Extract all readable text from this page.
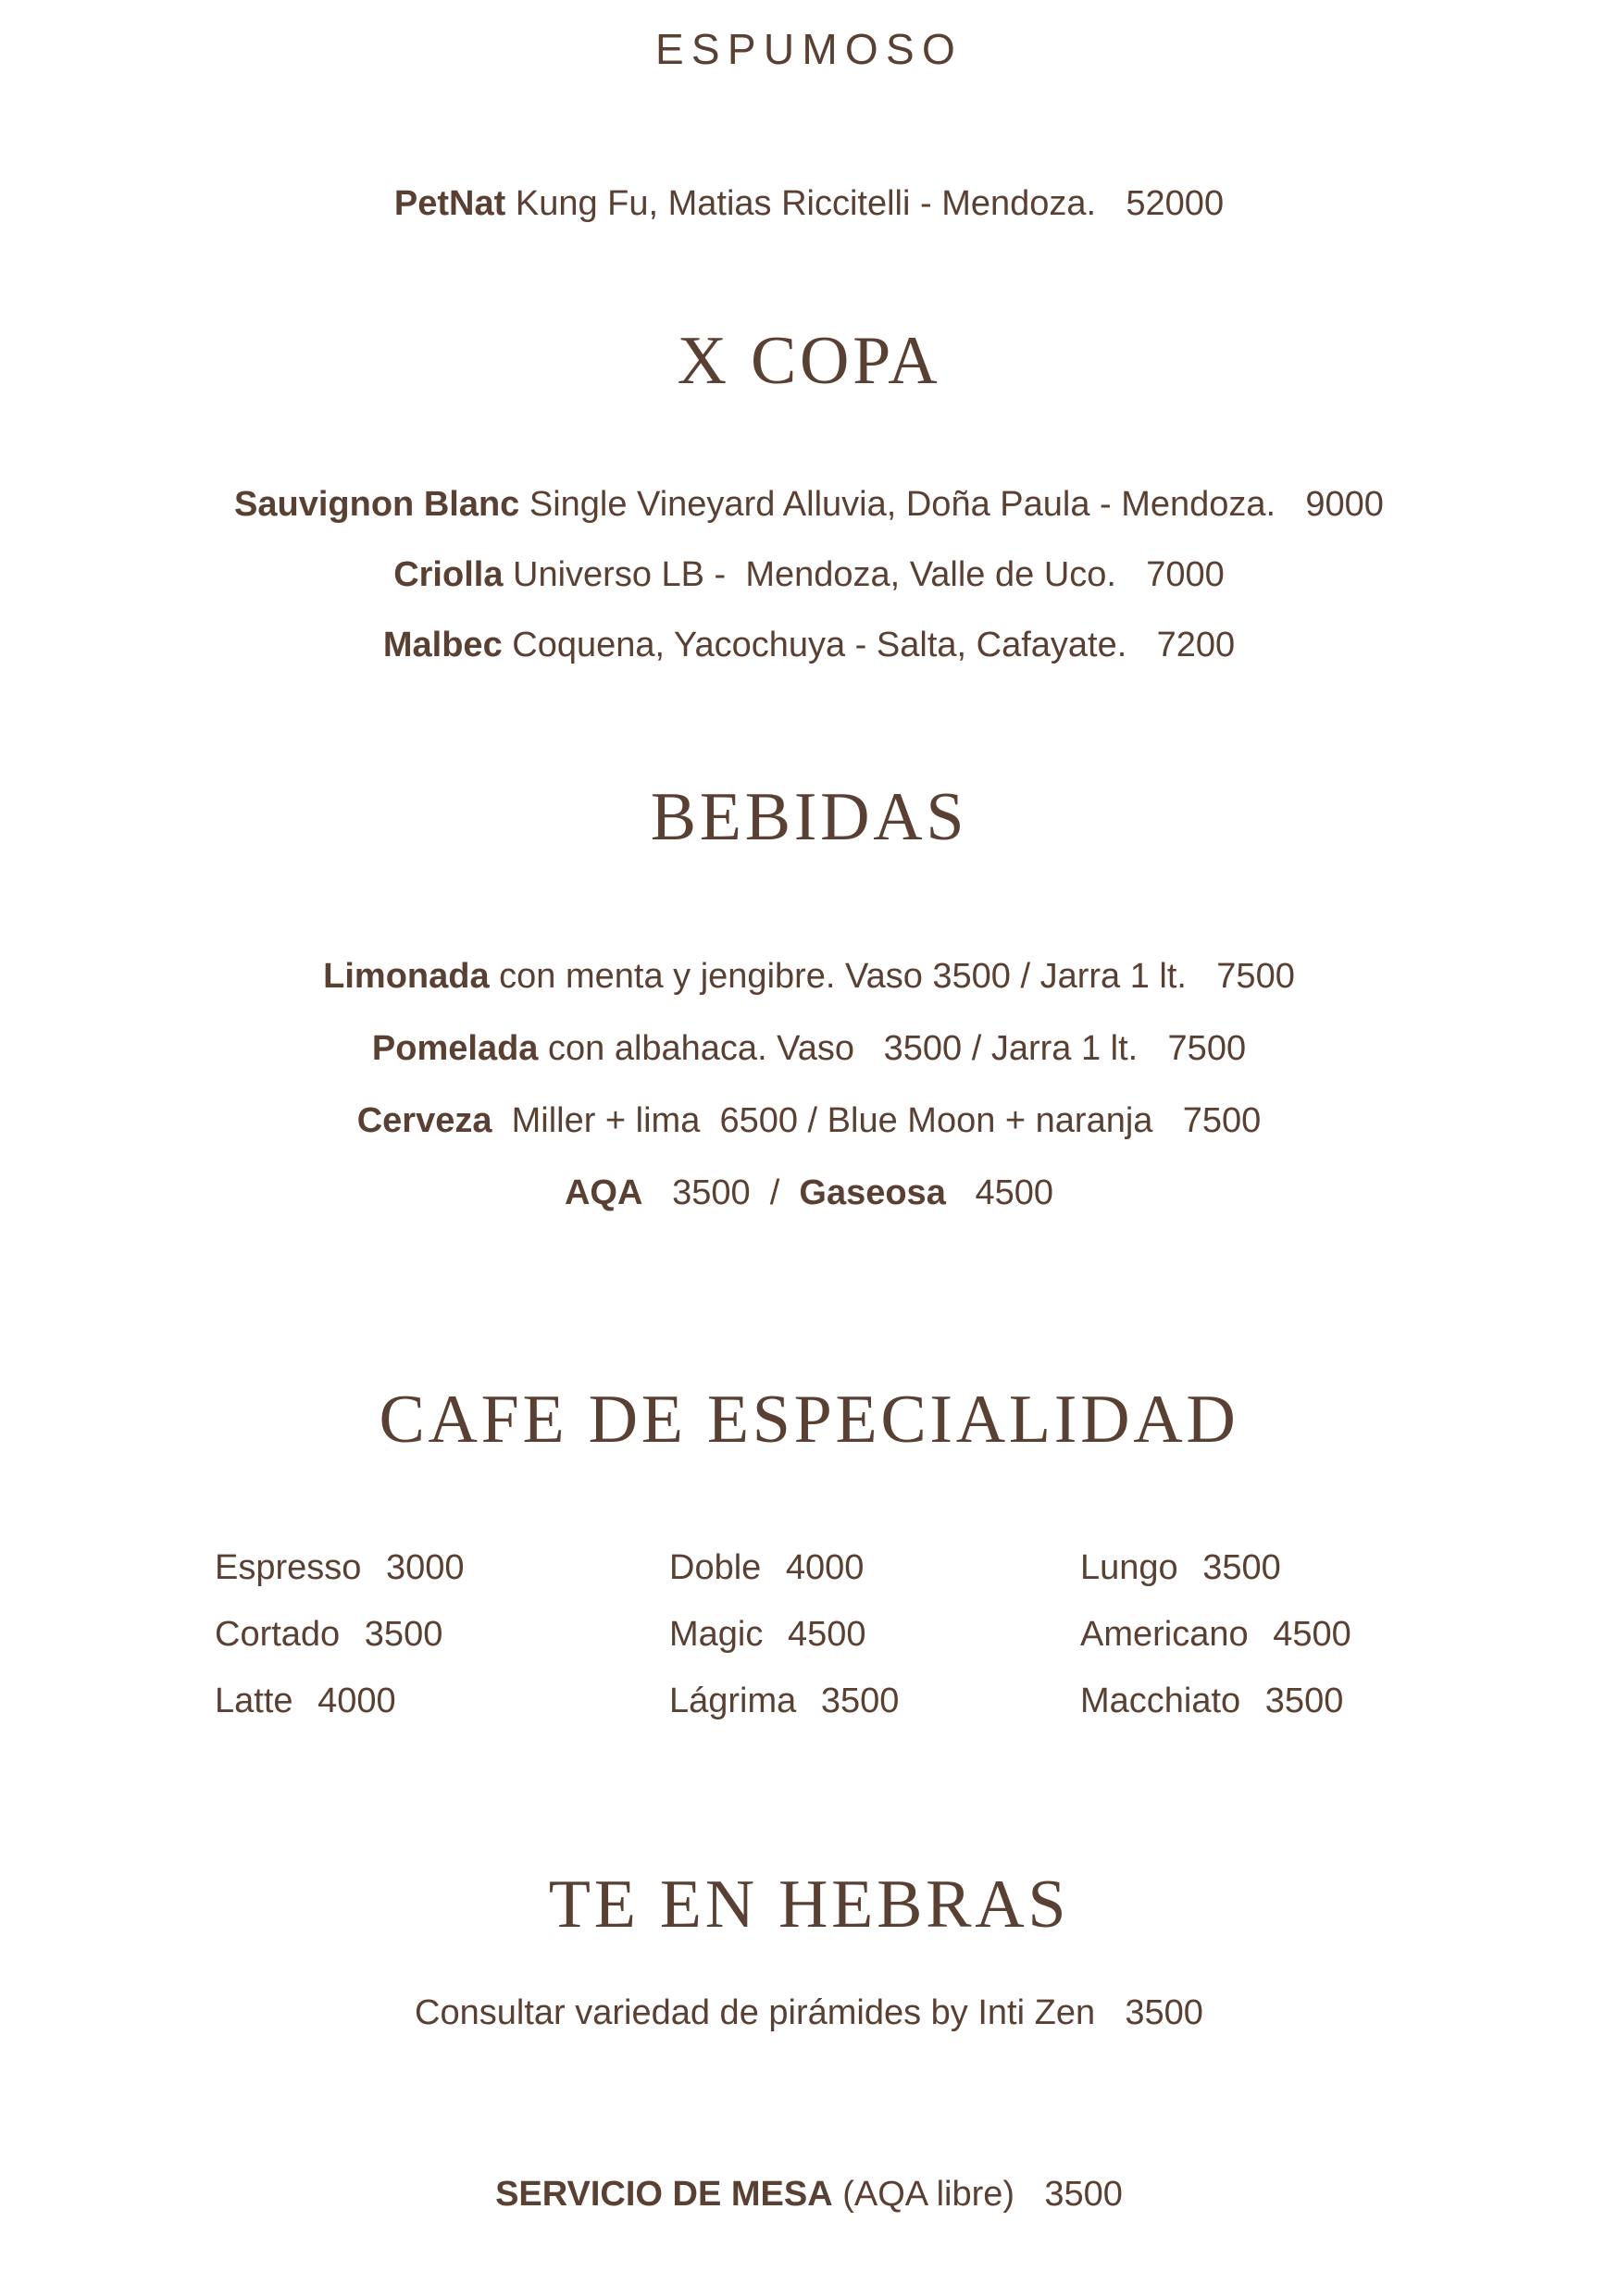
ESPUMOSO

PetNat Kung Fu, Matias Riccitelli - Mendoza. 52000

X COPA

Sauvignon Blanc Single Vineyard Alluvia, Doña Paula - Mendoza. 9000

Criolla Universo LB -  Mendoza, Valle de Uco. 7000

Malbec Coquena, Yacochuya - Salta, Cafayate. 7200

BEBIDAS

Limonada con menta y jengibre. Vaso 3500 / Jarra 1 lt. 7500

Pomelada con albahaca. Vaso   3500 / Jarra 1 lt. 7500

Cerveza  Miller + lima  6500 / Blue Moon + naranja 7500

AQA   3500  /  Gaseosa   4500

CAFE DE ESPECIALIDAD

Espresso 3000

Cortado 3500

Latte 4000

Doble 4000

Magic 4500

Lágrima 3500

Lungo 3500

Americano 4500

Macchiato 3500

TE EN HEBRAS

Consultar variedad de pirámides by Inti Zen 3500

SERVICIO DE MESA (AQA libre) 3500
